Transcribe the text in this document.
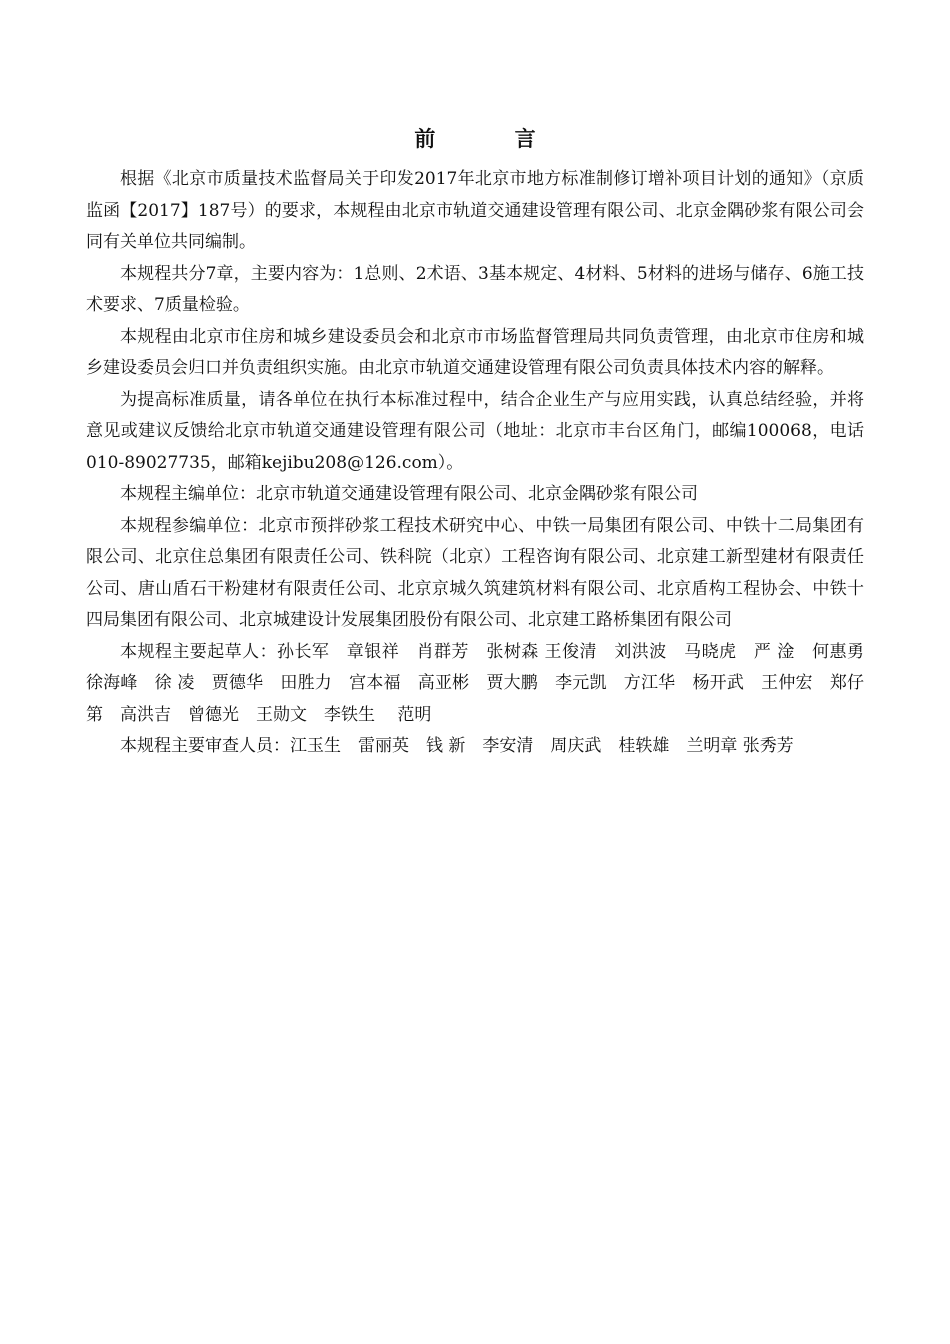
前 言

根据《北京市质量技术监督局关于印发2017年北京市地方标准制修订增补项目计划的通知》（京质监函【2017】187号）的要求，本规程由北京市轨道交通建设管理有限公司、北京金隅砂浆有限公司会同有关单位共同编制。

本规程共分7章，主要内容为：1总则、2术语、3基本规定、4材料、5材料的进场与储存、6施工技术要求、7质量检验。

本规程由北京市住房和城乡建设委员会和北京市市场监督管理局共同负责管理，由北京市住房和城乡建设委员会归口并负责组织实施。由北京市轨道交通建设管理有限公司负责具体技术内容的解释。

为提高标准质量，请各单位在执行本标准过程中，结合企业生产与应用实践，认真总结经验，并将意见或建议反馈给北京市轨道交通建设管理有限公司（地址：北京市丰台区角门，邮编100068，电话010-89027735，邮箱kejibu208@126.com）。

本规程主编单位：北京市轨道交通建设管理有限公司、北京金隅砂浆有限公司

本规程参编单位：北京市预拌砂浆工程技术研究中心、中铁一局集团有限公司、中铁十二局集团有限公司、北京住总集团有限责任公司、铁科院（北京）工程咨询有限公司、北京建工新型建材有限责任公司、唐山盾石干粉建材有限责任公司、北京京城久筑建筑材料有限公司、北京盾构工程协会、中铁十四局集团有限公司、北京城建设计发展集团股份有限公司、北京建工路桥集团有限公司

本规程主要起草人：孙长军　章银祥　肖群芳　张树森 王俊清　刘洪波　马晓虎　严 淦　何惠勇　徐海峰　徐 凌　贾德华　田胜力　宫本福　高亚彬　贾大鹏　李元凯　方江华　杨开武　王仲宏　郑仔第　高洪吉　曾德光　王勋文　李铁生　 范明

本规程主要审查人员：江玉生　雷丽英　钱 新　李安清　周庆武　桂轶雄　兰明章 张秀芳
